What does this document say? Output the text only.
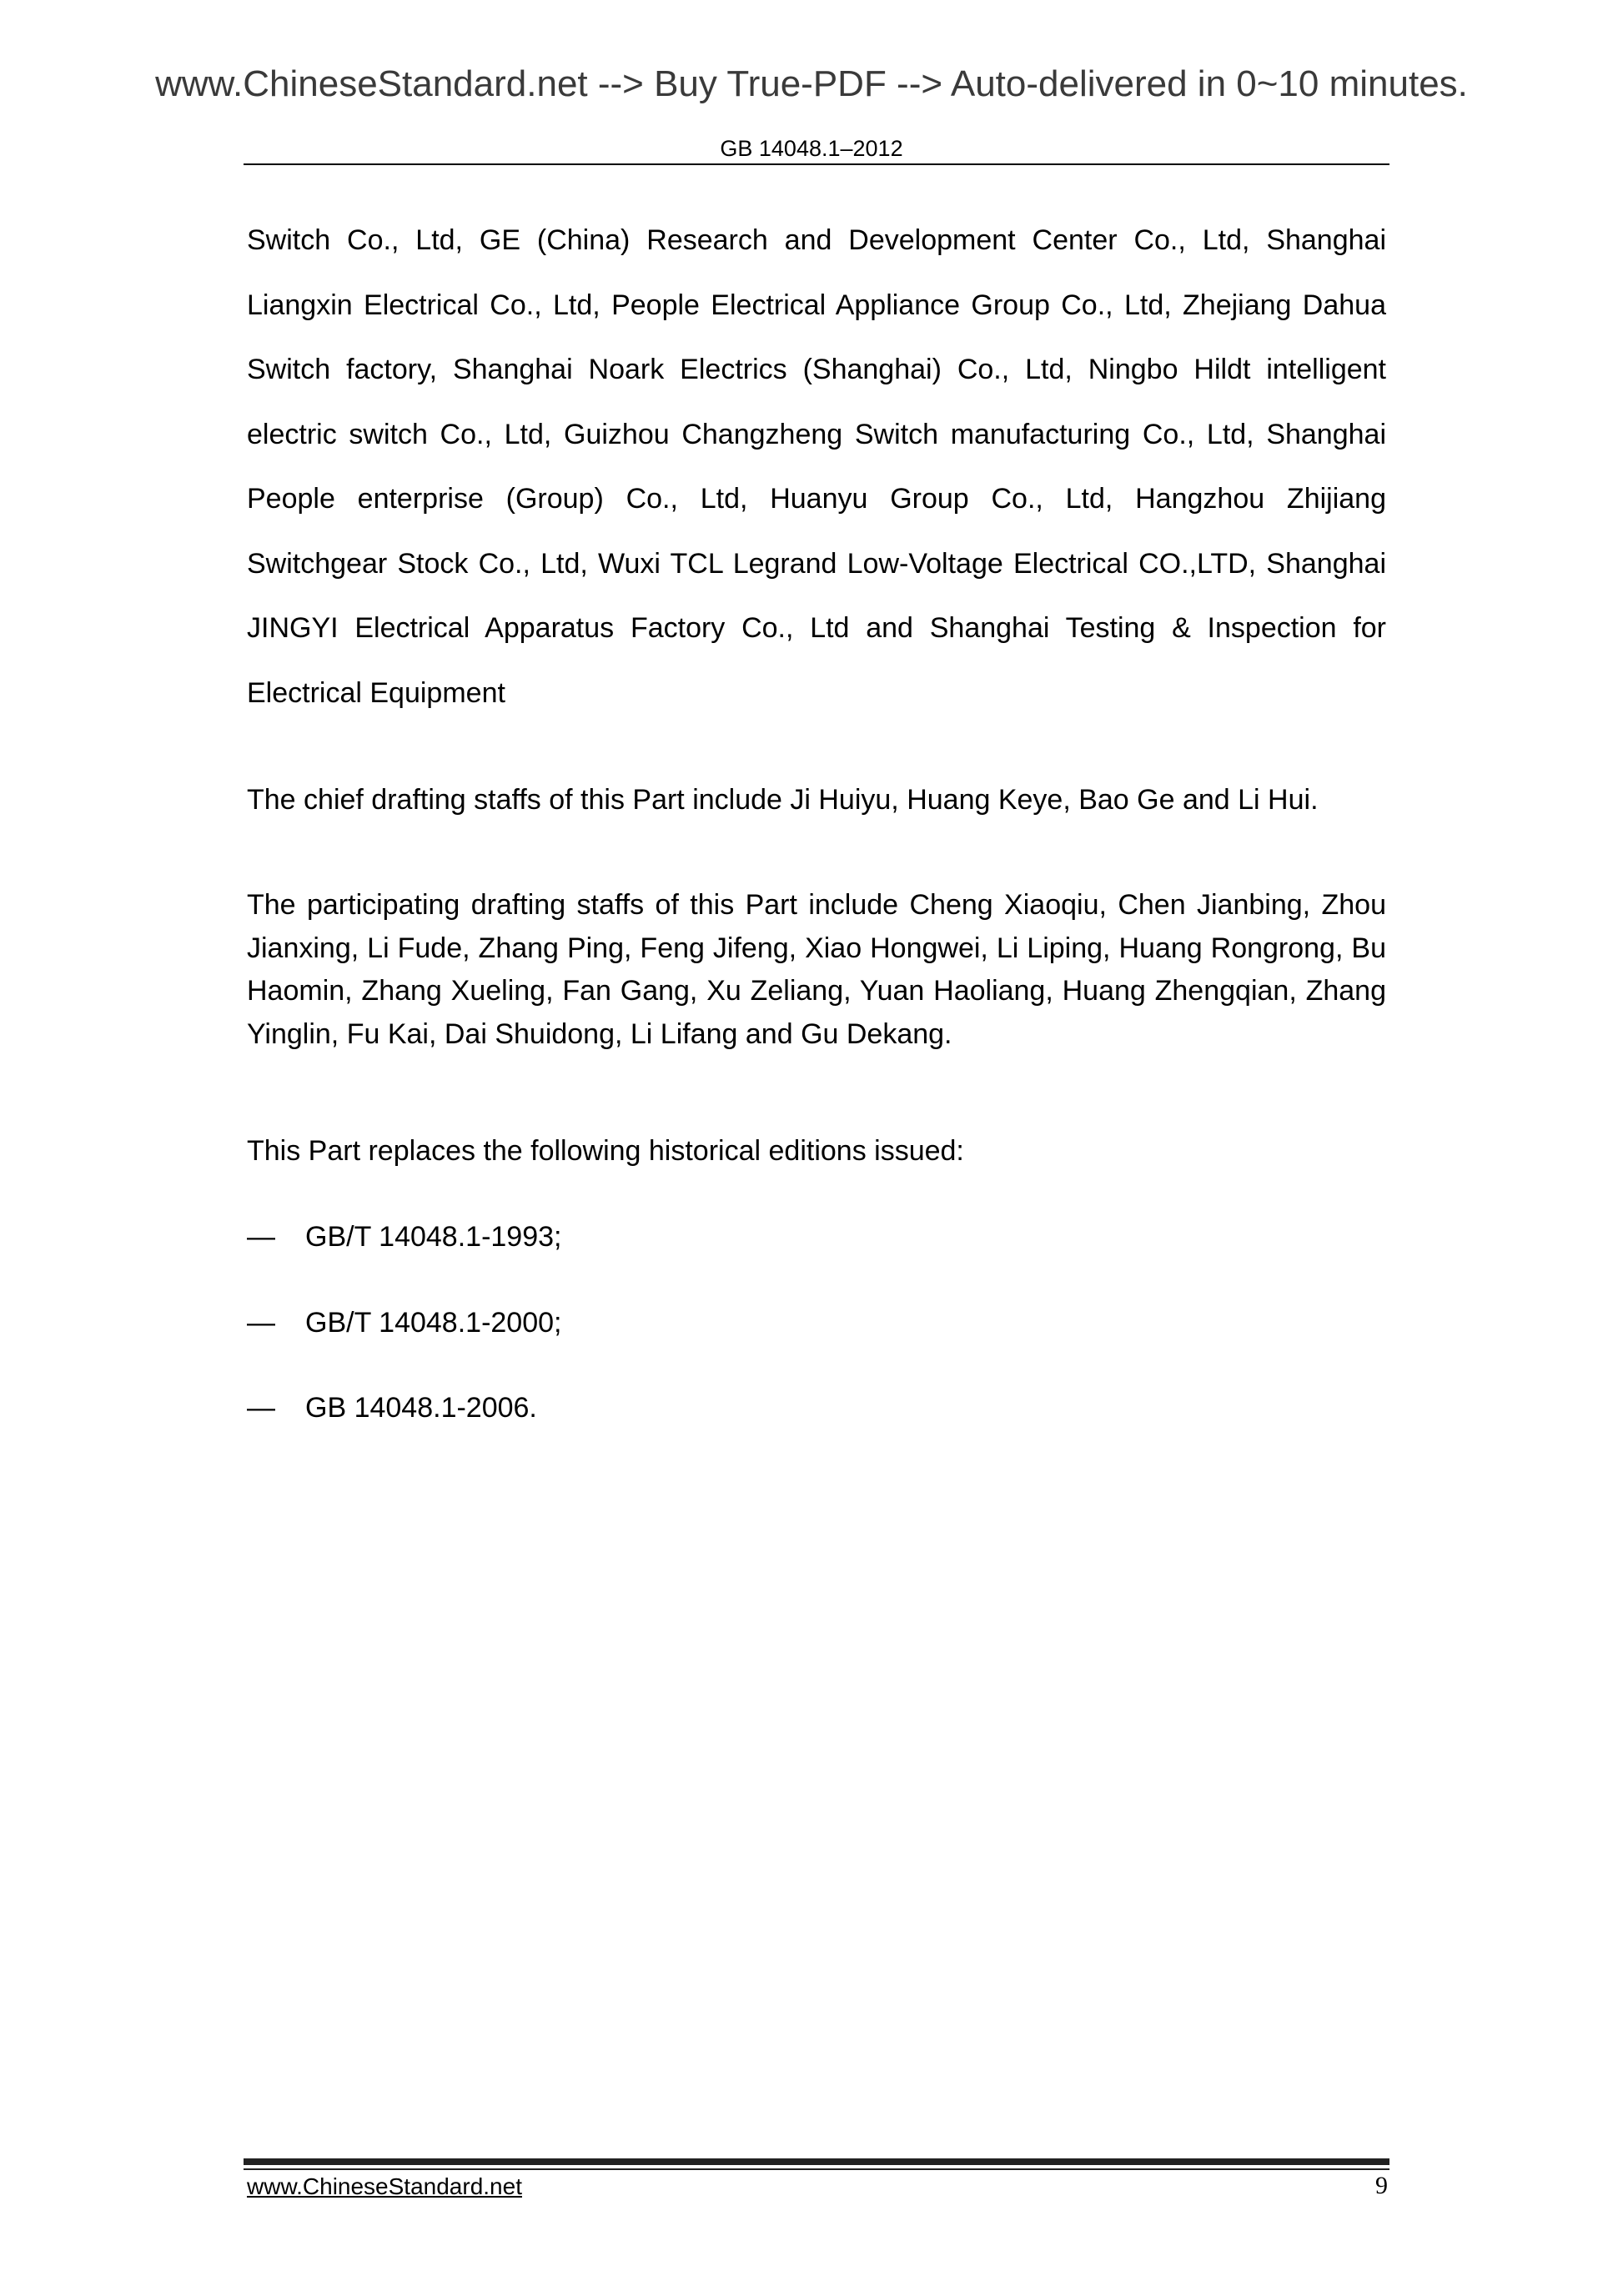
www.ChineseStandard.net --> Buy True-PDF --> Auto-delivered in 0~10 minutes.
GB 14048.1–2012

Switch Co., Ltd, GE (China) Research and Development Center Co., Ltd, Shanghai Liangxin Electrical Co., Ltd, People Electrical Appliance Group Co., Ltd, Zhejiang Dahua Switch factory, Shanghai Noark Electrics (Shanghai) Co., Ltd, Ningbo Hildt intelligent electric switch Co., Ltd, Guizhou Changzheng Switch manufacturing Co., Ltd, Shanghai People enterprise (Group) Co., Ltd, Huanyu Group Co., Ltd, Hangzhou Zhijiang Switchgear Stock Co., Ltd, Wuxi TCL Legrand Low-Voltage Electrical CO.,LTD, Shanghai JINGYI Electrical Apparatus Factory Co., Ltd and Shanghai Testing & Inspection for Electrical Equipment

The chief drafting staffs of this Part include Ji Huiyu, Huang Keye, Bao Ge and Li Hui.

The participating drafting staffs of this Part include Cheng Xiaoqiu, Chen Jianbing, Zhou Jianxing, Li Fude, Zhang Ping, Feng Jifeng, Xiao Hongwei, Li Liping, Huang Rongrong, Bu Haomin, Zhang Xueling, Fan Gang, Xu Zeliang, Yuan Haoliang, Huang Zhengqian, Zhang Yinglin, Fu Kai, Dai Shuidong, Li Lifang and Gu Dekang.

This Part replaces the following historical editions issued:

— GB/T 14048.1-1993;
— GB/T 14048.1-2000;
— GB 14048.1-2006.
www.ChineseStandard.net	9
